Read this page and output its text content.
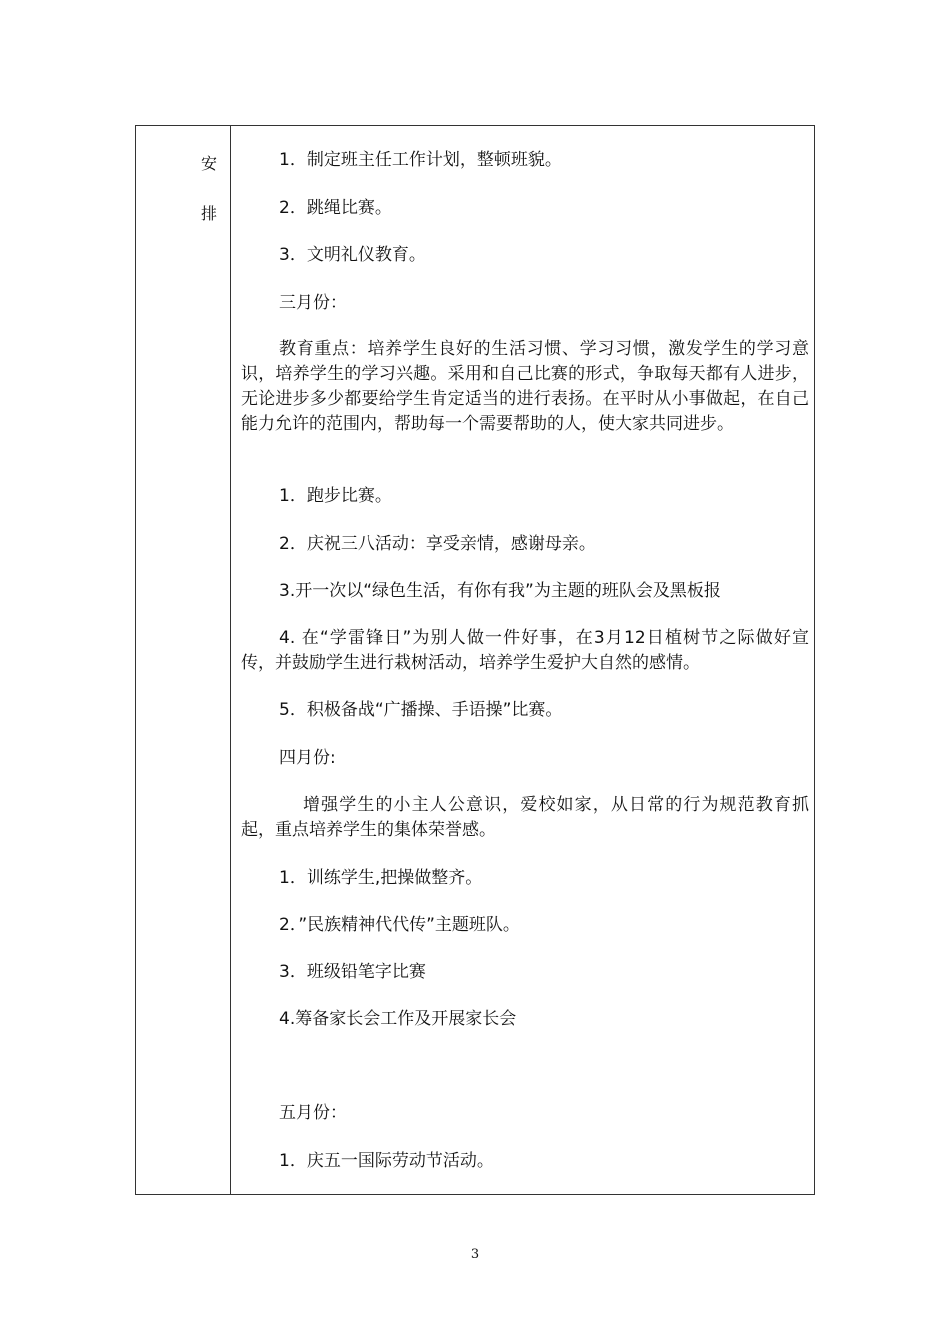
安
排
1．制定班主任工作计划，整顿班貌。
2．跳绳比赛。
3．文明礼仪教育。
三月份：
教育重点：培养学生良好的生活习惯、学习习惯，激发学生的学习意识，培养学生的学习兴趣。采用和自己比赛的形式，争取每天都有人进步，无论进步多少都要给学生肯定适当的进行表扬。在平时从小事做起，在自己能力允许的范围内，帮助每一个需要帮助的人，使大家共同进步。
1．跑步比赛。
2．庆祝三八活动：享受亲情，感谢母亲。
3.开一次以“绿色生活，有你有我”为主题的班队会及黑板报
4. 在“学雷锋日”为别人做一件好事，在3月12日植树节之际做好宣传，并鼓励学生进行栽树活动，培养学生爱护大自然的感情。
5．积极备战“广播操、手语操”比赛。
四月份:
增强学生的小主人公意识，爱校如家，从日常的行为规范教育抓起，重点培养学生的集体荣誉感。
1．训练学生,把操做整齐。
2．”民族精神代代传”主题班队。
3．班级铅笔字比赛
4.筹备家长会工作及开展家长会
五月份：
1．庆五一国际劳动节活动。
3
